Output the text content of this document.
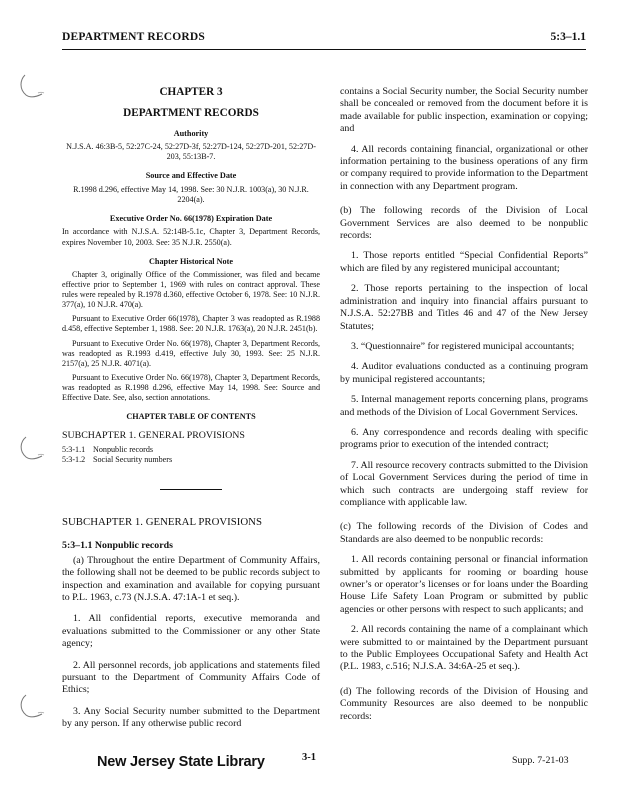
DEPARTMENT RECORDS	5:3–1.1

CHAPTER 3

DEPARTMENT RECORDS

Authority

N.J.S.A. 46:3B-5, 52:27C-24, 52:27D-3f, 52:27D-124, 52:27D-201, 52:27D-203, 55:13B-7.

Source and Effective Date

R.1998 d.296, effective May 14, 1998. See: 30 N.J.R. 1003(a), 30 N.J.R. 2204(a).

Executive Order No. 66(1978) Expiration Date

In accordance with N.J.S.A. 52:14B-5.1c, Chapter 3, Department Records, expires November 10, 2003. See: 35 N.J.R. 2550(a).

Chapter Historical Note

Chapter 3, originally Office of the Commissioner, was filed and became effective prior to September 1, 1969 with rules on contract approval. These rules were repealed by R.1978 d.360, effective October 6, 1978. See: 10 N.J.R. 377(a), 10 N.J.R. 470(a).

Pursuant to Executive Order 66(1978), Chapter 3 was readopted as R.1988 d.458, effective September 1, 1988. See: 20 N.J.R. 1763(a), 20 N.J.R. 2451(b).

Pursuant to Executive Order No. 66(1978), Chapter 3, Department Records, was readopted as R.1993 d.419, effective July 30, 1993. See: 25 N.J.R. 2157(a), 25 N.J.R. 4071(a).

Pursuant to Executive Order No. 66(1978), Chapter 3, Department Records, was readopted as R.1998 d.296, effective May 14, 1998. See: Source and Effective Date. See, also, section annotations.

CHAPTER TABLE OF CONTENTS

SUBCHAPTER 1. GENERAL PROVISIONS

5:3-1.1 Nonpublic records
5:3-1.2 Social Security numbers

SUBCHAPTER 1. GENERAL PROVISIONS

5:3–1.1 Nonpublic records

(a) Throughout the entire Department of Community Affairs, the following shall not be deemed to be public records subject to inspection and examination and available for copying pursuant to P.L. 1963, c.73 (N.J.S.A. 47:1A-1 et seq.).

1. All confidential reports, executive memoranda and evaluations submitted to the Commissioner or any other State agency;

2. All personnel records, job applications and statements filed pursuant to the Department of Community Affairs Code of Ethics;

3. Any Social Security number submitted to the Department by any person. If any otherwise public record

contains a Social Security number, the Social Security number shall be concealed or removed from the document before it is made available for public inspection, examination or copying; and

4. All records containing financial, organizational or other information pertaining to the business operations of any firm or company required to provide information to the Department in connection with any Department program.

(b) The following records of the Division of Local Government Services are also deemed to be nonpublic records:

1. Those reports entitled “Special Confidential Reports” which are filed by any registered municipal accountant;

2. Those reports pertaining to the inspection of local administration and inquiry into financial affairs pursuant to N.J.S.A. 52:27BB and Titles 46 and 47 of the New Jersey Statutes;

3. “Questionnaire” for registered municipal accountants;

4. Auditor evaluations conducted as a continuing program by municipal registered accountants;

5. Internal management reports concerning plans, programs and methods of the Division of Local Government Services.

6. Any correspondence and records dealing with specific programs prior to execution of the intended contract;

7. All resource recovery contracts submitted to the Division of Local Government Services during the period of time in which such contracts are undergoing staff review for compliance with applicable law.

(c) The following records of the Division of Codes and Standards are also deemed to be nonpublic records:

1. All records containing personal or financial information submitted by applicants for rooming or boarding house owner’s or operator’s licenses or for loans under the Boarding House Life Safety Loan Program or submitted by public agencies or other persons with respect to such applicants; and

2. All records containing the name of a complainant which were submitted to or maintained by the Department pursuant to the Public Employees Occupational Safety and Health Act (P.L. 1983, c.516; N.J.S.A. 34:6A-25 et seq.).

(d) The following records of the Division of Housing and Community Resources are also deemed to be nonpublic records:

New Jersey State Library	3-1	Supp. 7-21-03
